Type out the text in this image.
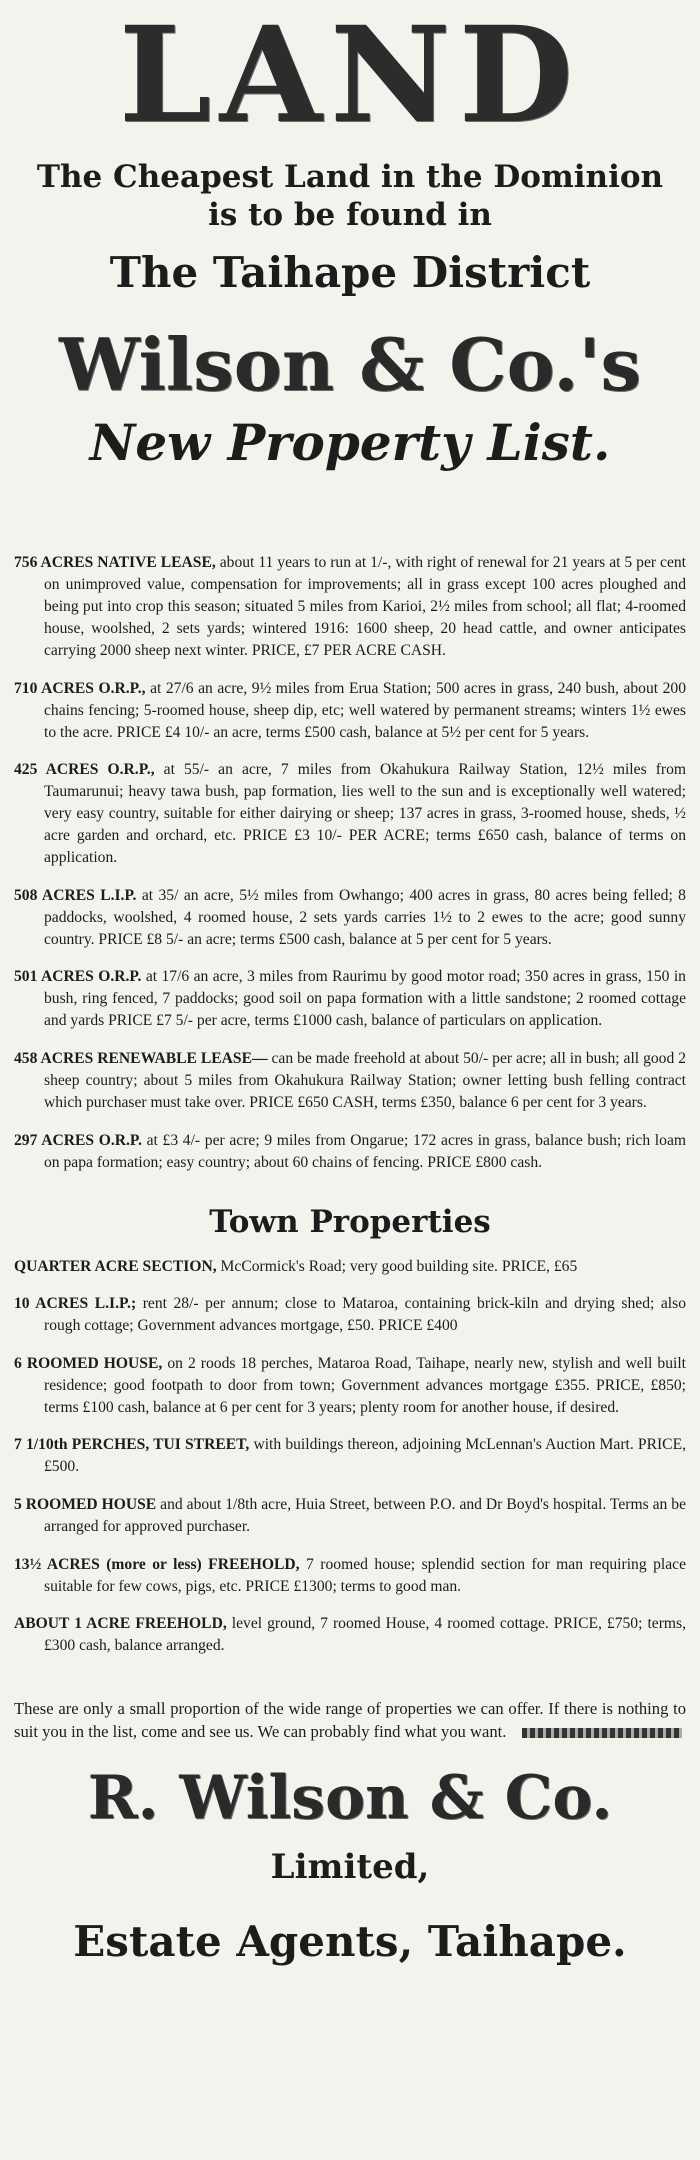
LAND
The Cheapest Land in the Dominion
is to be found in
The Taihape District
Wilson & Co.'s
New Property List.

756 ACRES NATIVE LEASE, about 11 years to run at 1/-, with right of renewal for 21 years at 5 per cent on unimproved value, compensation for improvements; all in grass except 100 acres ploughed and being put into crop this season; situated 5 miles from Karioi, 2½ miles from school; all flat; 4-roomed house, woolshed, 2 sets yards; wintered 1916: 1600 sheep, 20 head cattle, and owner anticipates carrying 2000 sheep next winter. PRICE, £7 PER ACRE CASH.

710 ACRES O.R.P., at 27/6 an acre, 9½ miles from Erua Station; 500 acres in grass, 240 bush, about 200 chains fencing; 5-roomed house, sheep dip, etc; well watered by permanent streams; winters 1½ ewes to the acre. PRICE £4 10/- an acre, terms £500 cash, balance at 5½ per cent for 5 years.

425 ACRES O.R.P., at 55/- an acre, 7 miles from Okahukura Railway Station, 12½ miles from Taumarunui; heavy tawa bush, pap formation, lies well to the sun and is exceptionally well watered; very easy country, suitable for either dairying or sheep; 137 acres in grass, 3-roomed house, sheds, ½ acre garden and orchard, etc. PRICE £3 10/- PER ACRE; terms £650 cash, balance of terms on application.

508 ACRES L.I.P. at 35/ an acre, 5½ miles from Owhango; 400 acres in grass, 80 acres being felled; 8 paddocks, woolshed, 4 roomed house, 2 sets yards carries 1½ to 2 ewes to the acre; good sunny country. PRICE £8 5/- an acre; terms £500 cash, balance at 5 per cent for 5 years.

501 ACRES O.R.P. at 17/6 an acre, 3 miles from Raurimu by good motor road; 350 acres in grass, 150 in bush, ring fenced, 7 paddocks; good soil on papa formation with a little sandstone; 2 roomed cottage and yards PRICE £7 5/- per acre, terms £1000 cash, balance of particulars on application.

458 ACRES RENEWABLE LEASE— can be made freehold at about 50/- per acre; all in bush; all good 2 sheep country; about 5 miles from Okahukura Railway Station; owner letting bush felling contract which purchaser must take over. PRICE £650 CASH, terms £350, balance 6 per cent for 3 years.

297 ACRES O.R.P. at £3 4/- per acre; 9 miles from Ongarue; 172 acres in grass, balance bush; rich loam on papa formation; easy country; about 60 chains of fencing. PRICE £800 cash.

Town Properties

QUARTER ACRE SECTION, McCormick's Road; very good building site. PRICE, £65

10 ACRES L.I.P.; rent 28/- per annum; close to Mataroa, containing brick-kiln and drying shed; also rough cottage; Government advances mortgage, £50. PRICE £400

6 ROOMED HOUSE, on 2 roods 18 perches, Mataroa Road, Taihape, nearly new, stylish and well built residence; good footpath to door from town; Government advances mortgage £355. PRICE, £850; terms £100 cash, balance at 6 per cent for 3 years; plenty room for another house, if desired.

7 1/10th PERCHES, TUI STREET, with buildings thereon, adjoining McLennan's Auction Mart. PRICE, £500.

5 ROOMED HOUSE and about 1/8th acre, Huia Street, between P.O. and Dr Boyd's hospital. Terms an be arranged for approved purchaser.

13½ ACRES (more or less) FREEHOLD, 7 roomed house; splendid section for man requiring place suitable for few cows, pigs, etc. PRICE £1300; terms to good man.

ABOUT 1 ACRE FREEHOLD, level ground, 7 roomed House, 4 roomed cottage. PRICE, £750; terms, £300 cash, balance arranged.

These are only a small proportion of the wide range of properties we can offer. If there is nothing to suit you in the list, come and see us. We can probably find what you want.

R. Wilson & Co.
Limited,
Estate Agents, Taihape.
